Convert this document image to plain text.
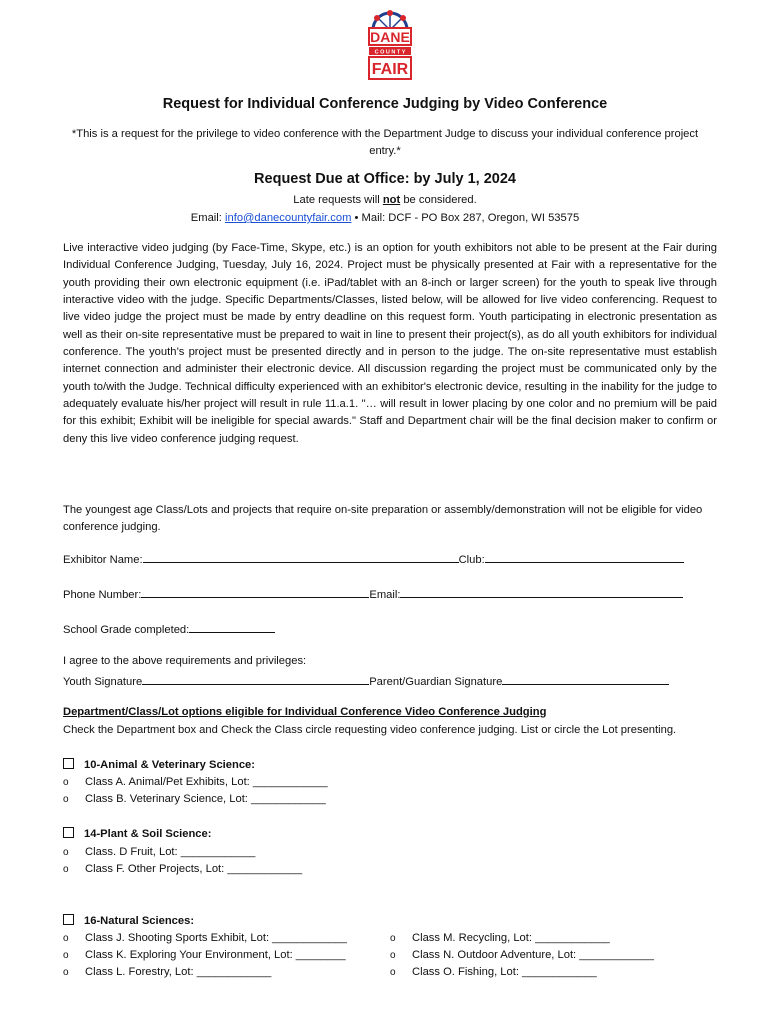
DANE
C O U N T Y
FAIR
Request for Individual Conference Judging by Video Conference
*This is a request for the privilege to video conference with the Department Judge to discuss your individual conference project entry.*
Request Due at Office: by July 1, 2024
Late requests will not be considered.
Email: info@danecountyfair.com • Mail: DCF - PO Box 287, Oregon, WI 53575

Live interactive video judging (by Face-Time, Skype, etc.) is an option for youth exhibitors not able to be present at the Fair during Individual Conference Judging, Tuesday, July 16, 2024. Project must be physically presented at Fair with a representative for the youth providing their own electronic equipment (i.e. iPad/tablet with an 8-inch or larger screen) for the youth to speak live through interactive video with the judge. Specific Departments/Classes, listed below, will be allowed for live video conferencing. Request to live video judge the project must be made by entry deadline on this request form. Youth participating in electronic presentation as well as their on-site representative must be prepared to wait in line to present their project(s), as do all youth exhibitors for individual conference. The youth’s project must be presented directly and in person to the judge. The on-site representative must establish internet connection and administer their electronic device. All discussion regarding the project must be communicated only by the youth to/with the Judge. Technical difficulty experienced with an exhibitor's electronic device, resulting in the inability for the judge to adequately evaluate his/her project will result in rule 11.a.1. "… will result in lower placing by one color and no premium will be paid for this exhibit; Exhibit will be ineligible for special awards." Staff and Department chair will be the final decision maker to confirm or deny this live video conference judging request.

The youngest age Class/Lots and projects that require on-site preparation or assembly/demonstration will not be eligible for video conference judging.

Exhibitor Name:	Club:
Phone Number:	Email:
School Grade completed:
I agree to the above requirements and privileges:
Youth Signature	Parent/Guardian Signature
Department/Class/Lot options eligible for Individual Conference Video Conference Judging

Check the Department box and Check the Class circle requesting video conference judging. List or circle the Lot presenting.

10-Animal & Veterinary Science:
o Class A. Animal/Pet Exhibits, Lot: ____________
o Class B. Veterinary Science, Lot: ____________
14-Plant & Soil Science:
o Class. D Fruit, Lot: ____________
o Class F. Other Projects, Lot: ____________
16-Natural Sciences:
o Class J. Shooting Sports Exhibit, Lot: ____________
o Class K. Exploring Your Environment, Lot: ________
o Class L. Forestry, Lot: ____________
o Class M. Recycling, Lot: ____________
o Class N. Outdoor Adventure, Lot: ____________
o Class O. Fishing, Lot: ____________
